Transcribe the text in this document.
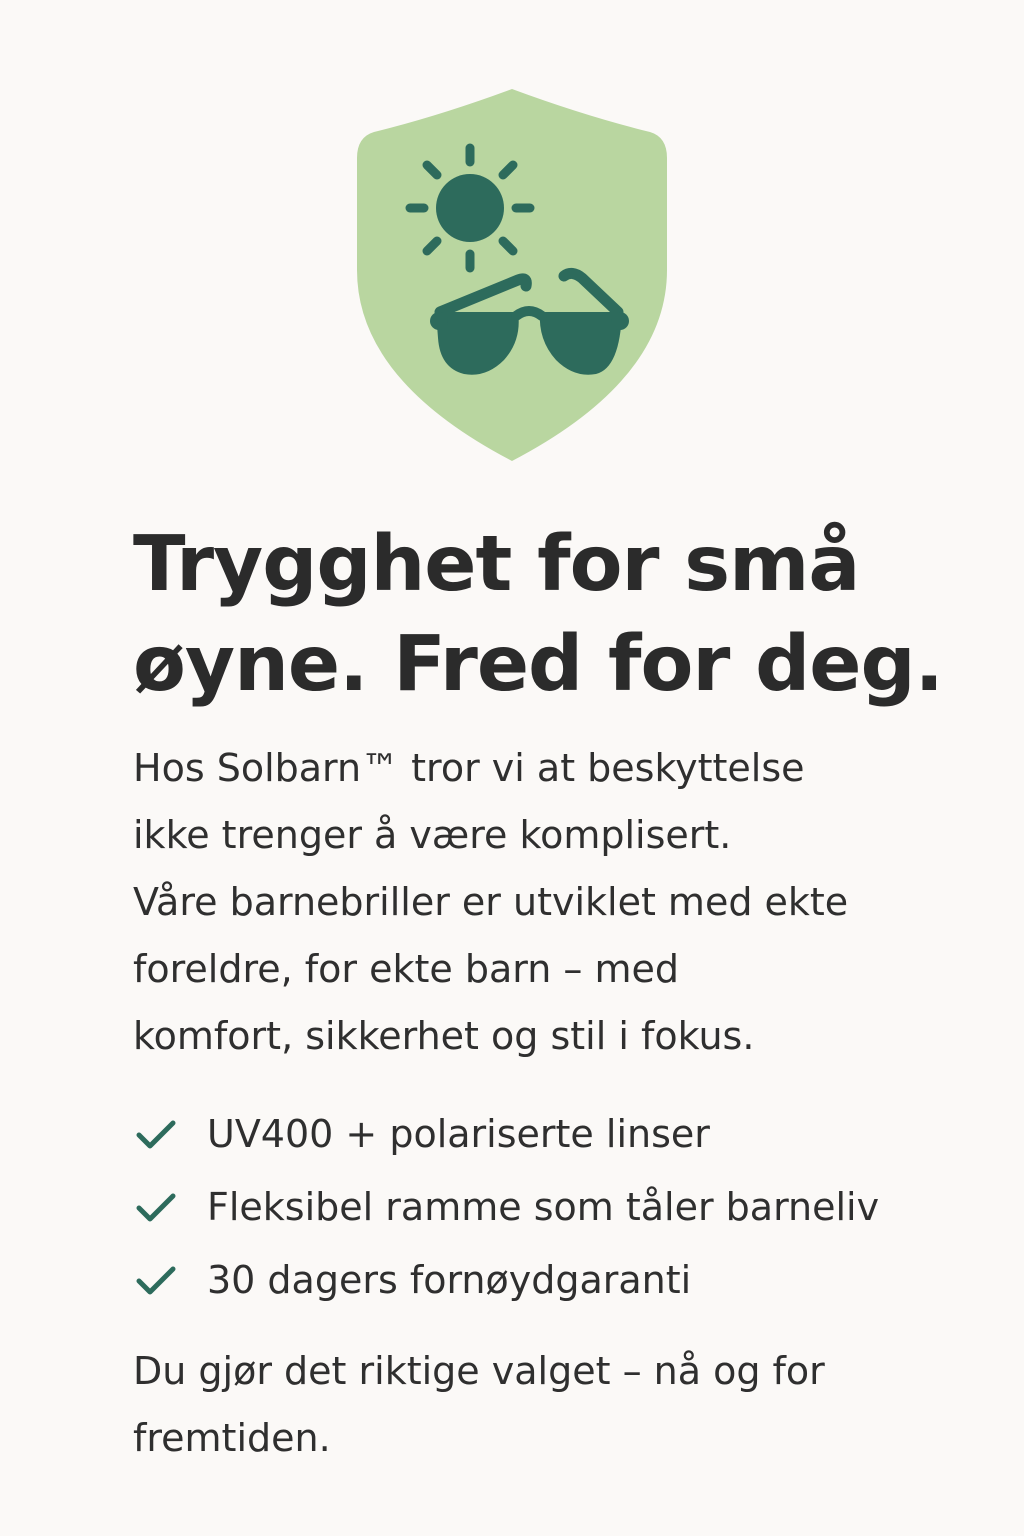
Trygghet for små
øyne. Fred for deg.

Hos Solbarn™ tror vi at beskyttelse
ikke trenger å være komplisert.
Våre barnebriller er utviklet med ekte
foreldre, for ekte barn – med
komfort, sikkerhet og stil i fokus.

UV400 + polariserte linser
Fleksibel ramme som tåler barneliv
30 dagers fornøydgaranti

Du gjør det riktige valget – nå og for
fremtiden.
